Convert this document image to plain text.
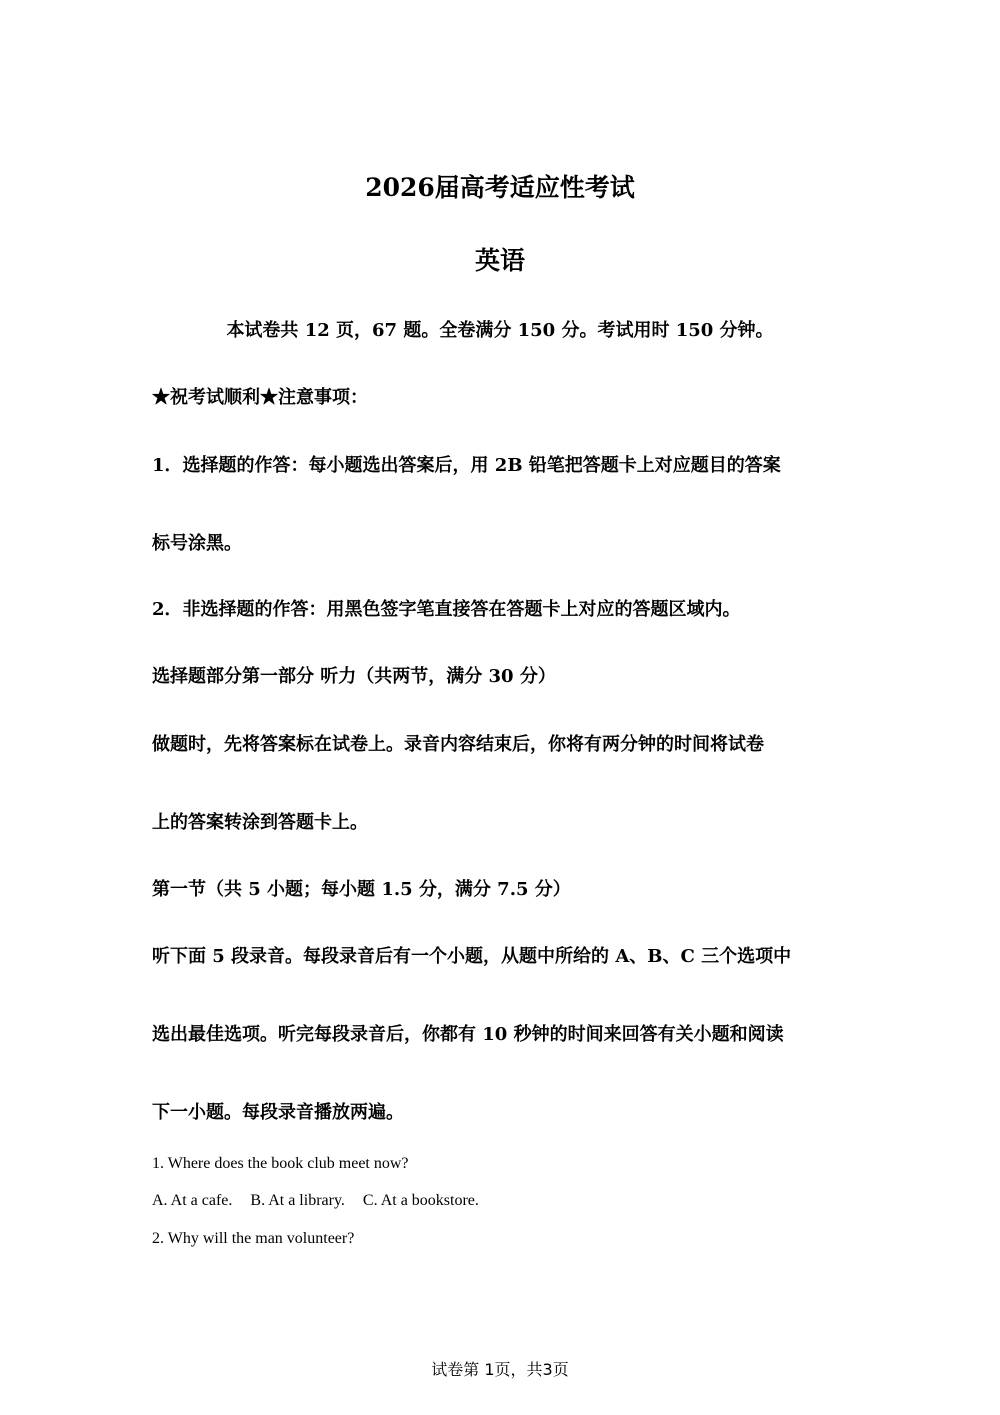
2026届高考适应性考试
英语
本试卷共 12 页，67 题。全卷满分 150 分。考试用时 150 分钟。
★祝考试顺利★注意事项：
1．选择题的作答：每小题选出答案后，用 2B 铅笔把答题卡上对应题目的答案
标号涂黑。
2．非选择题的作答：用黑色签字笔直接答在答题卡上对应的答题区域内。
选择题部分第一部分 听力（共两节，满分 30 分）
做题时，先将答案标在试卷上。录音内容结束后，你将有两分钟的时间将试卷
上的答案转涂到答题卡上。
第一节（共 5 小题；每小题 1.5 分，满分 7.5 分）
听下面 5 段录音。每段录音后有一个小题，从题中所给的 A、B、C 三个选项中
选出最佳选项。听完每段录音后，你都有 10 秒钟的时间来回答有关小题和阅读
下一小题。每段录音播放两遍。
1. Where does the book club meet now?
A. At a cafe. B. At a library. C. At a bookstore.
2. Why will the man volunteer?
试卷第 1页，共3页
